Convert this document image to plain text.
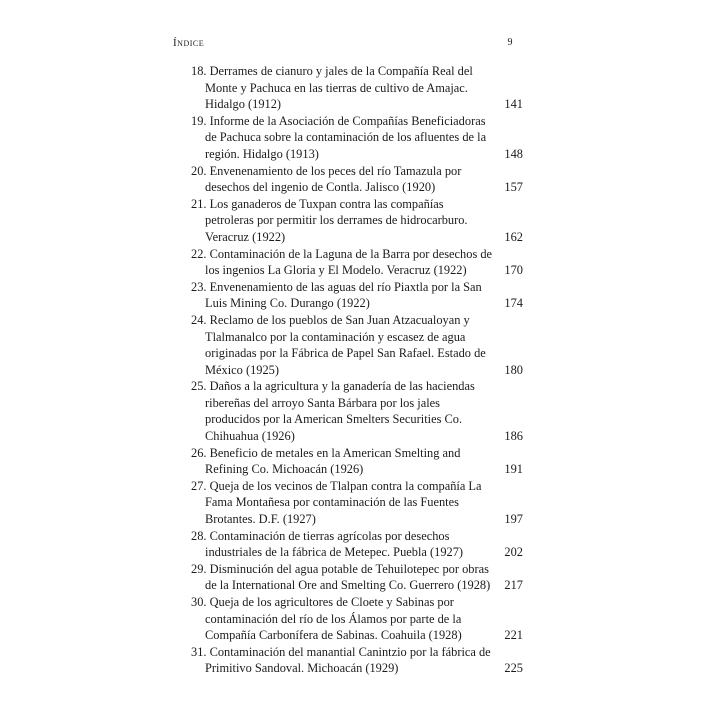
Índice	9
18. Derrames de cianuro y jales de la Compañía Real del Monte y Pachuca en las tierras de cultivo de Amajac. Hidalgo (1912)	141
19. Informe de la Asociación de Compañías Beneficiadoras de Pachuca sobre la contaminación de los afluentes de la región. Hidalgo (1913)	148
20. Envenenamiento de los peces del río Tamazula por desechos del ingenio de Contla. Jalisco (1920)	157
21. Los ganaderos de Tuxpan contra las compañías petroleras por permitir los derrames de hidrocarburo. Veracruz (1922)	162
22. Contaminación de la Laguna de la Barra por desechos de los ingenios La Gloria y El Modelo. Veracruz (1922)	170
23. Envenenamiento de las aguas del río Piaxtla por la San Luis Mining Co. Durango (1922)	174
24. Reclamo de los pueblos de San Juan Atzacualoyan y Tlalmanalco por la contaminación y escasez de agua originadas por la Fábrica de Papel San Rafael. Estado de México (1925)	180
25. Daños a la agricultura y la ganadería de las haciendas ribereñas del arroyo Santa Bárbara por los jales producidos por la American Smelters Securities Co. Chihuahua (1926)	186
26. Beneficio de metales en la American Smelting and Refining Co. Michoacán (1926)	191
27. Queja de los vecinos de Tlalpan contra la compañía La Fama Montañesa por contaminación de las Fuentes Brotantes. D.F. (1927)	197
28. Contaminación de tierras agrícolas por desechos industriales de la fábrica de Metepec. Puebla (1927)	202
29. Disminución del agua potable de Tehuilotepec por obras de la International Ore and Smelting Co. Guerrero (1928)	217
30. Queja de los agricultores de Cloete y Sabinas por contaminación del río de los Álamos por parte de la Compañía Carbonífera de Sabinas. Coahuila (1928)	221
31. Contaminación del manantial Canintzio por la fábrica de Primitivo Sandoval. Michoacán (1929)	225
